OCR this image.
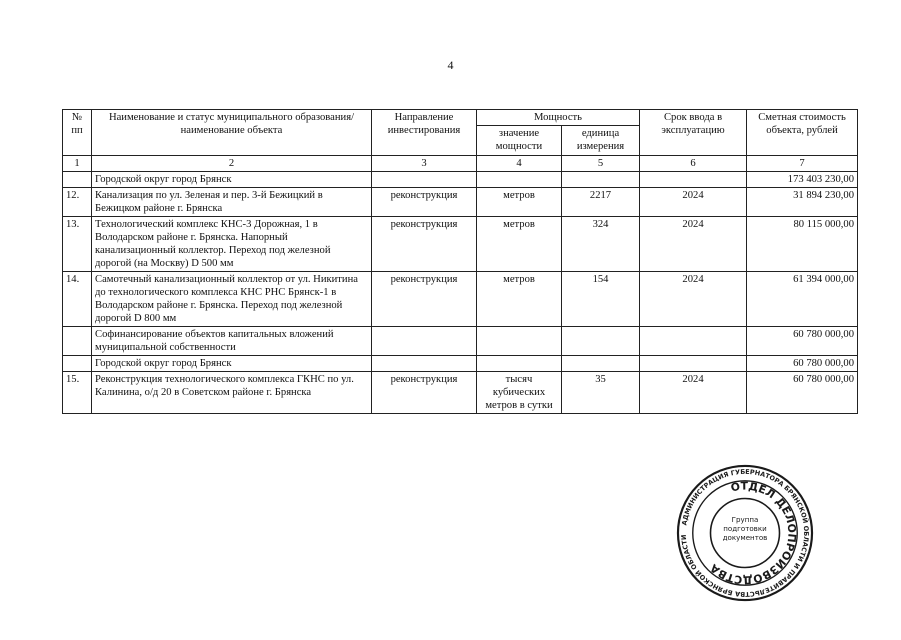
4
№ пп	Наименование и статус муниципального образования/наименование объекта	Направление инвестирования	Мощность		Срок ввода в эксплуатацию	Сметная стоимость объекта, рублей
			значение мощности	единица измерения		
1	2	3	4	5	6	7
	Городской округ город Брянск					173 403 230,00
12.	Канализация по ул. Зеленая и пер. 3-й Бежицкий в Бежицком районе г. Брянска	реконструкция	метров	2217	2024	31 894 230,00
13.	Технологический комплекс КНС-3 Дорожная, 1 в Володарском районе г. Брянска. Напорный канализационный коллектор. Переход под железной дорогой (на Москву) D 500 мм	реконструкция	метров	324	2024	80 115 000,00
14.	Самотечный канализационный коллектор от ул. Никитина до технологического комплекса КНС РНС Брянск-1 в Володарском районе г. Брянска. Переход под железной дорогой D 800 мм	реконструкция	метров	154	2024	61 394 000,00
	Софинансирование объектов капитальных вложений муниципальной собственности					60 780 000,00
	Городской округ город Брянск					60 780 000,00
15.	Реконструкция технологического комплекса ГКНС по ул. Калинина, о/д 20 в Советском районе г. Брянска	реконструкция	тысяч кубических метров в сутки	35	2024	60 780 000,00
АДМИНИСТРАЦИЯ ГУБЕРНАТОРА БРЯНСКОЙ ОБЛАСТИ И ПРАВИТЕЛЬСТВА БРЯНСКОЙ ОБЛАСТИ
ОТДЕЛ ДЕЛОПРОИЗВОДСТВА
Группа подготовки документов
